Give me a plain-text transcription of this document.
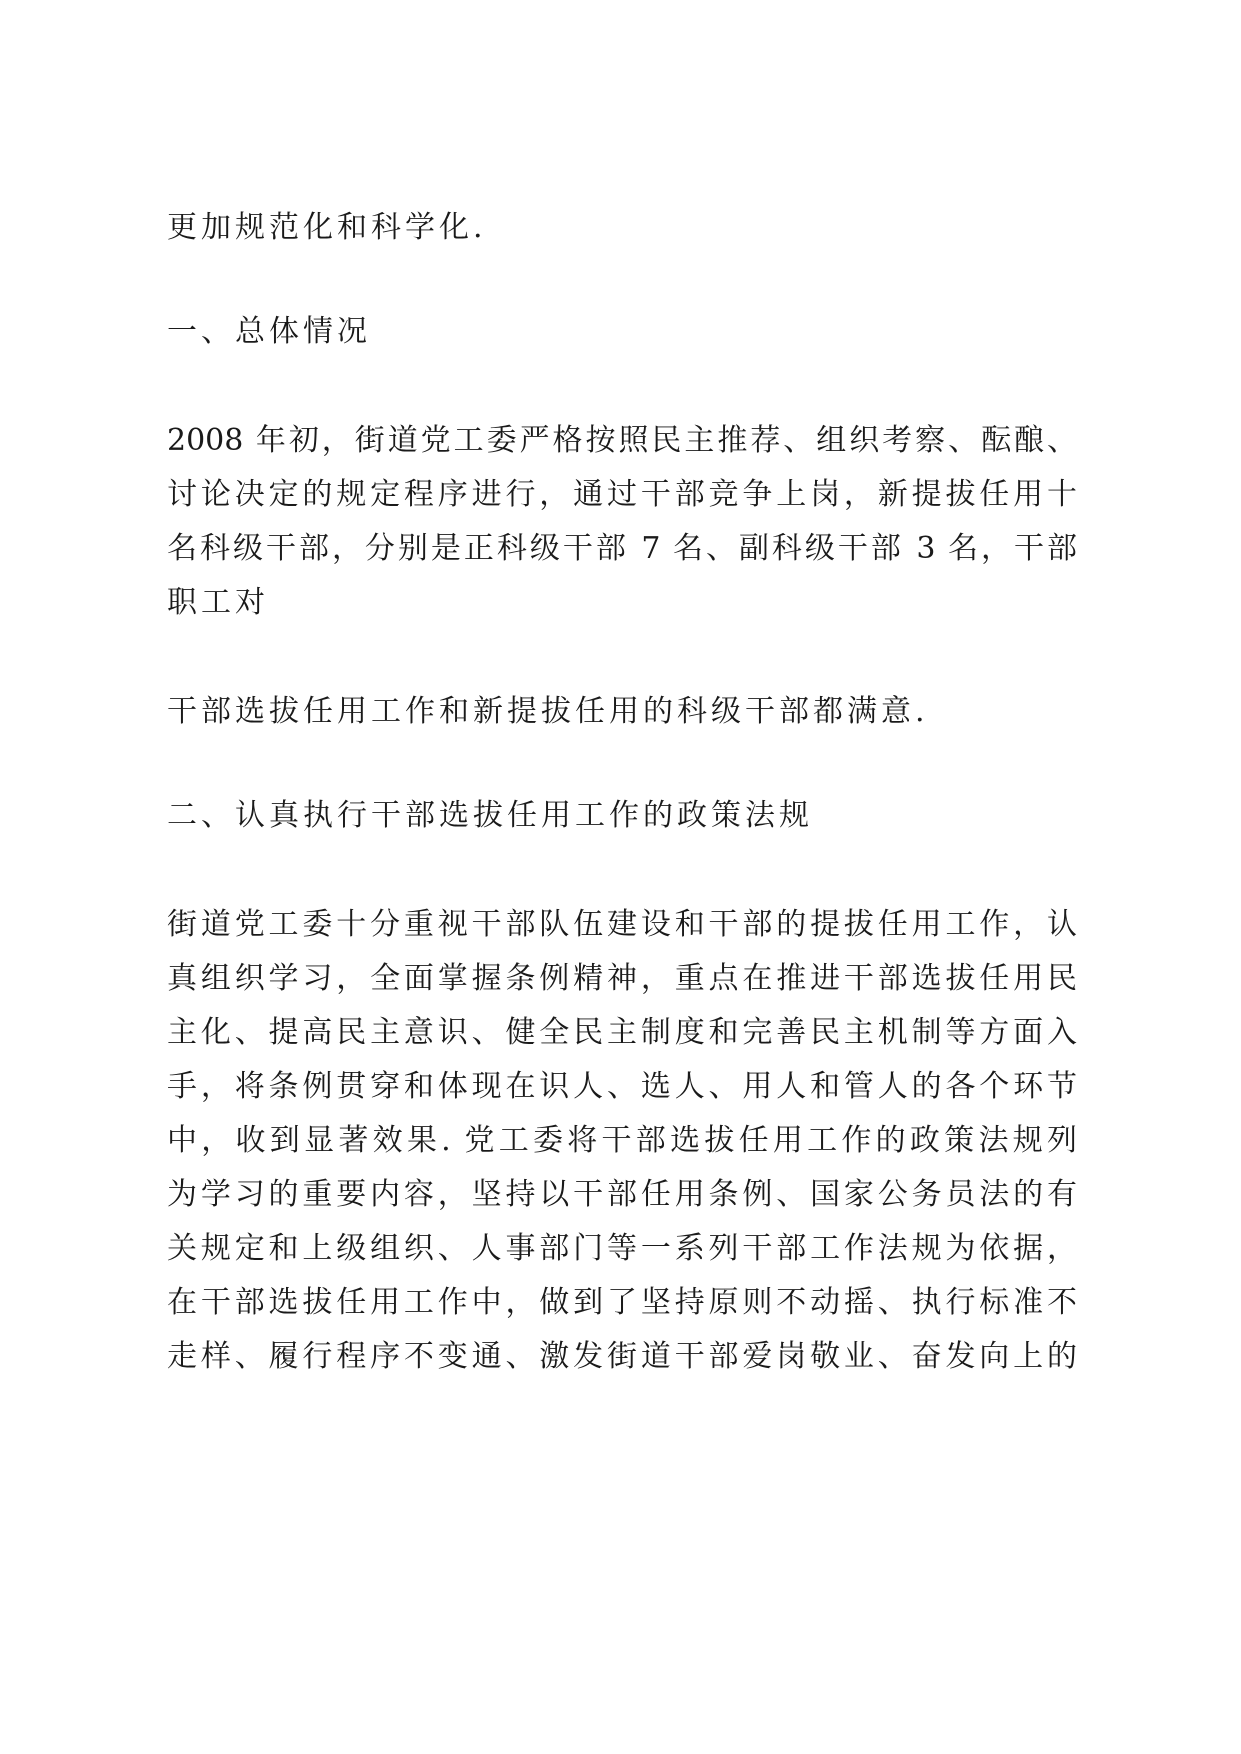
更加规范化和科学化.
一、总体情况
2008 年初，街道党工委严格按照民主推荐、组织考察、酝酿、
讨论决定的规定程序进行，通过干部竞争上岗，新提拔任用十
名科级干部，分别是正科级干部 7 名、副科级干部 3 名，干部
职工对
干部选拔任用工作和新提拔任用的科级干部都满意.
二、认真执行干部选拔任用工作的政策法规
街道党工委十分重视干部队伍建设和干部的提拔任用工作，认
真组织学习，全面掌握条例精神，重点在推进干部选拔任用民
主化、提高民主意识、健全民主制度和完善民主机制等方面入
手，将条例贯穿和体现在识人、选人、用人和管人的各个环节
中，收到显著效果. 党工委将干部选拔任用工作的政策法规列
为学习的重要内容，坚持以干部任用条例、国家公务员法的有
关规定和上级组织、人事部门等一系列干部工作法规为依据，
在干部选拔任用工作中，做到了坚持原则不动摇、执行标准不
走样、履行程序不变通、激发街道干部爱岗敬业、奋发向上的
